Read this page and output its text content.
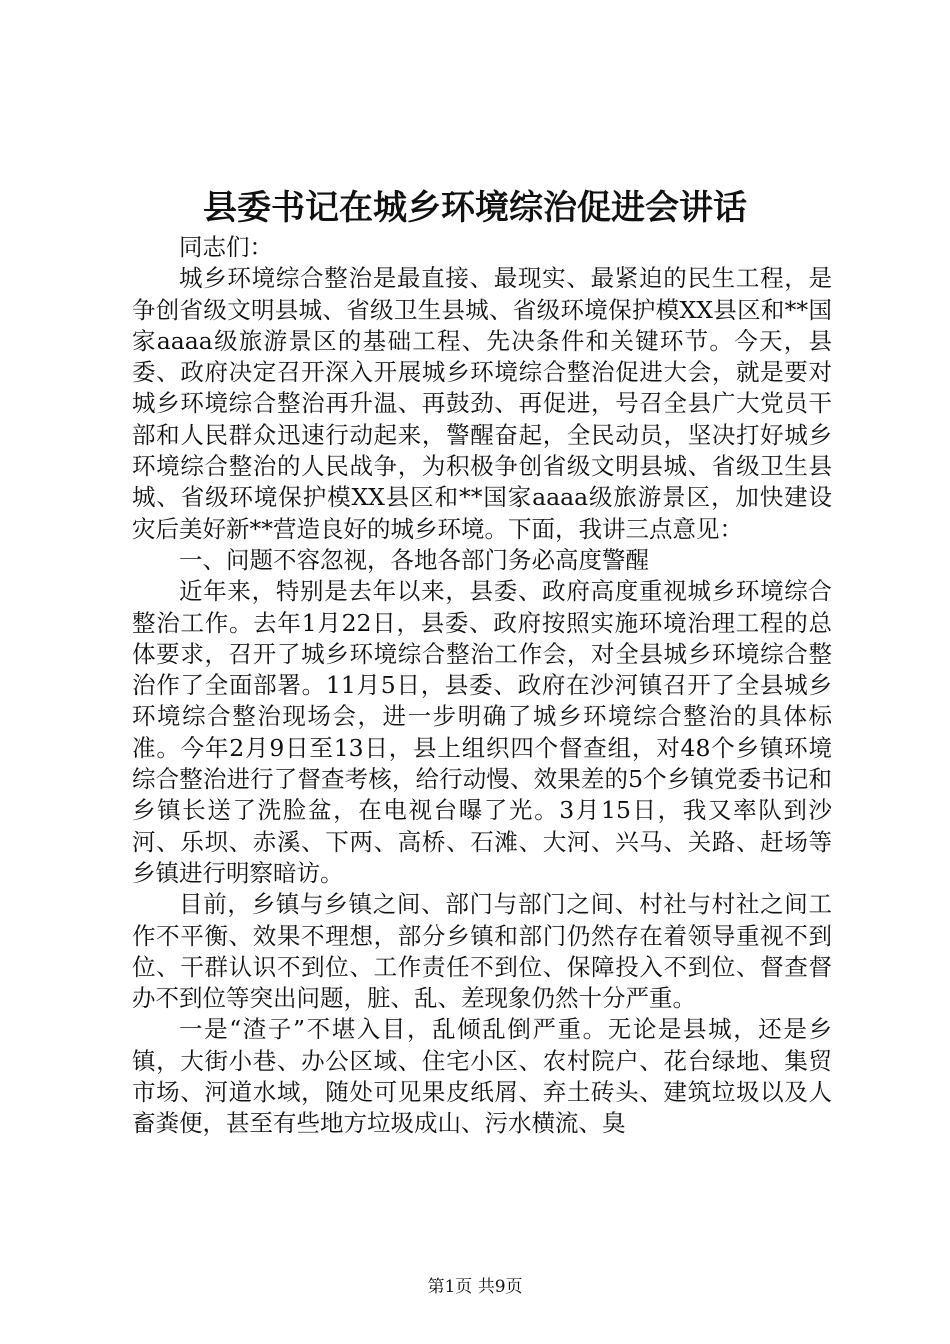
县委书记在城乡环境综治促进会讲话

同志们：

城乡环境综合整治是最直接、最现实、最紧迫的民生工程，是争创省级文明县城、省级卫生县城、省级环境保护模XX县区和**国家aaaa级旅游景区的基础工程、先决条件和关键环节。今天，县委、政府决定召开深入开展城乡环境综合整治促进大会，就是要对城乡环境综合整治再升温、再鼓劲、再促进，号召全县广大党员干部和人民群众迅速行动起来，警醒奋起，全民动员，坚决打好城乡环境综合整治的人民战争，为积极争创省级文明县城、省级卫生县城、省级环境保护模XX县区和**国家aaaa级旅游景区，加快建设灾后美好新**营造良好的城乡环境。下面，我讲三点意见：

一、问题不容忽视，各地各部门务必高度警醒

近年来，特别是去年以来，县委、政府高度重视城乡环境综合整治工作。去年1月22日，县委、政府按照实施环境治理工程的总体要求，召开了城乡环境综合整治工作会，对全县城乡环境综合整治作了全面部署。11月5日，县委、政府在沙河镇召开了全县城乡环境综合整治现场会，进一步明确了城乡环境综合整治的具体标准。今年2月9日至13日，县上组织四个督查组，对48个乡镇环境综合整治进行了督查考核，给行动慢、效果差的5个乡镇党委书记和乡镇长送了洗脸盆，在电视台曝了光。3月15日，我又率队到沙河、乐坝、赤溪、下两、高桥、石滩、大河、兴马、关路、赶场等乡镇进行明察暗访。

目前，乡镇与乡镇之间、部门与部门之间、村社与村社之间工作不平衡、效果不理想，部分乡镇和部门仍然存在着领导重视不到位、干群认识不到位、工作责任不到位、保障投入不到位、督查督办不到位等突出问题，脏、乱、差现象仍然十分严重。

一是“渣子”不堪入目，乱倾乱倒严重。无论是县城，还是乡镇，大街小巷、办公区域、住宅小区、农村院户、花台绿地、集贸市场、河道水域，随处可见果皮纸屑、弃土砖头、建筑垃圾以及人畜粪便，甚至有些地方垃圾成山、污水横流、臭

第1页 共9页
